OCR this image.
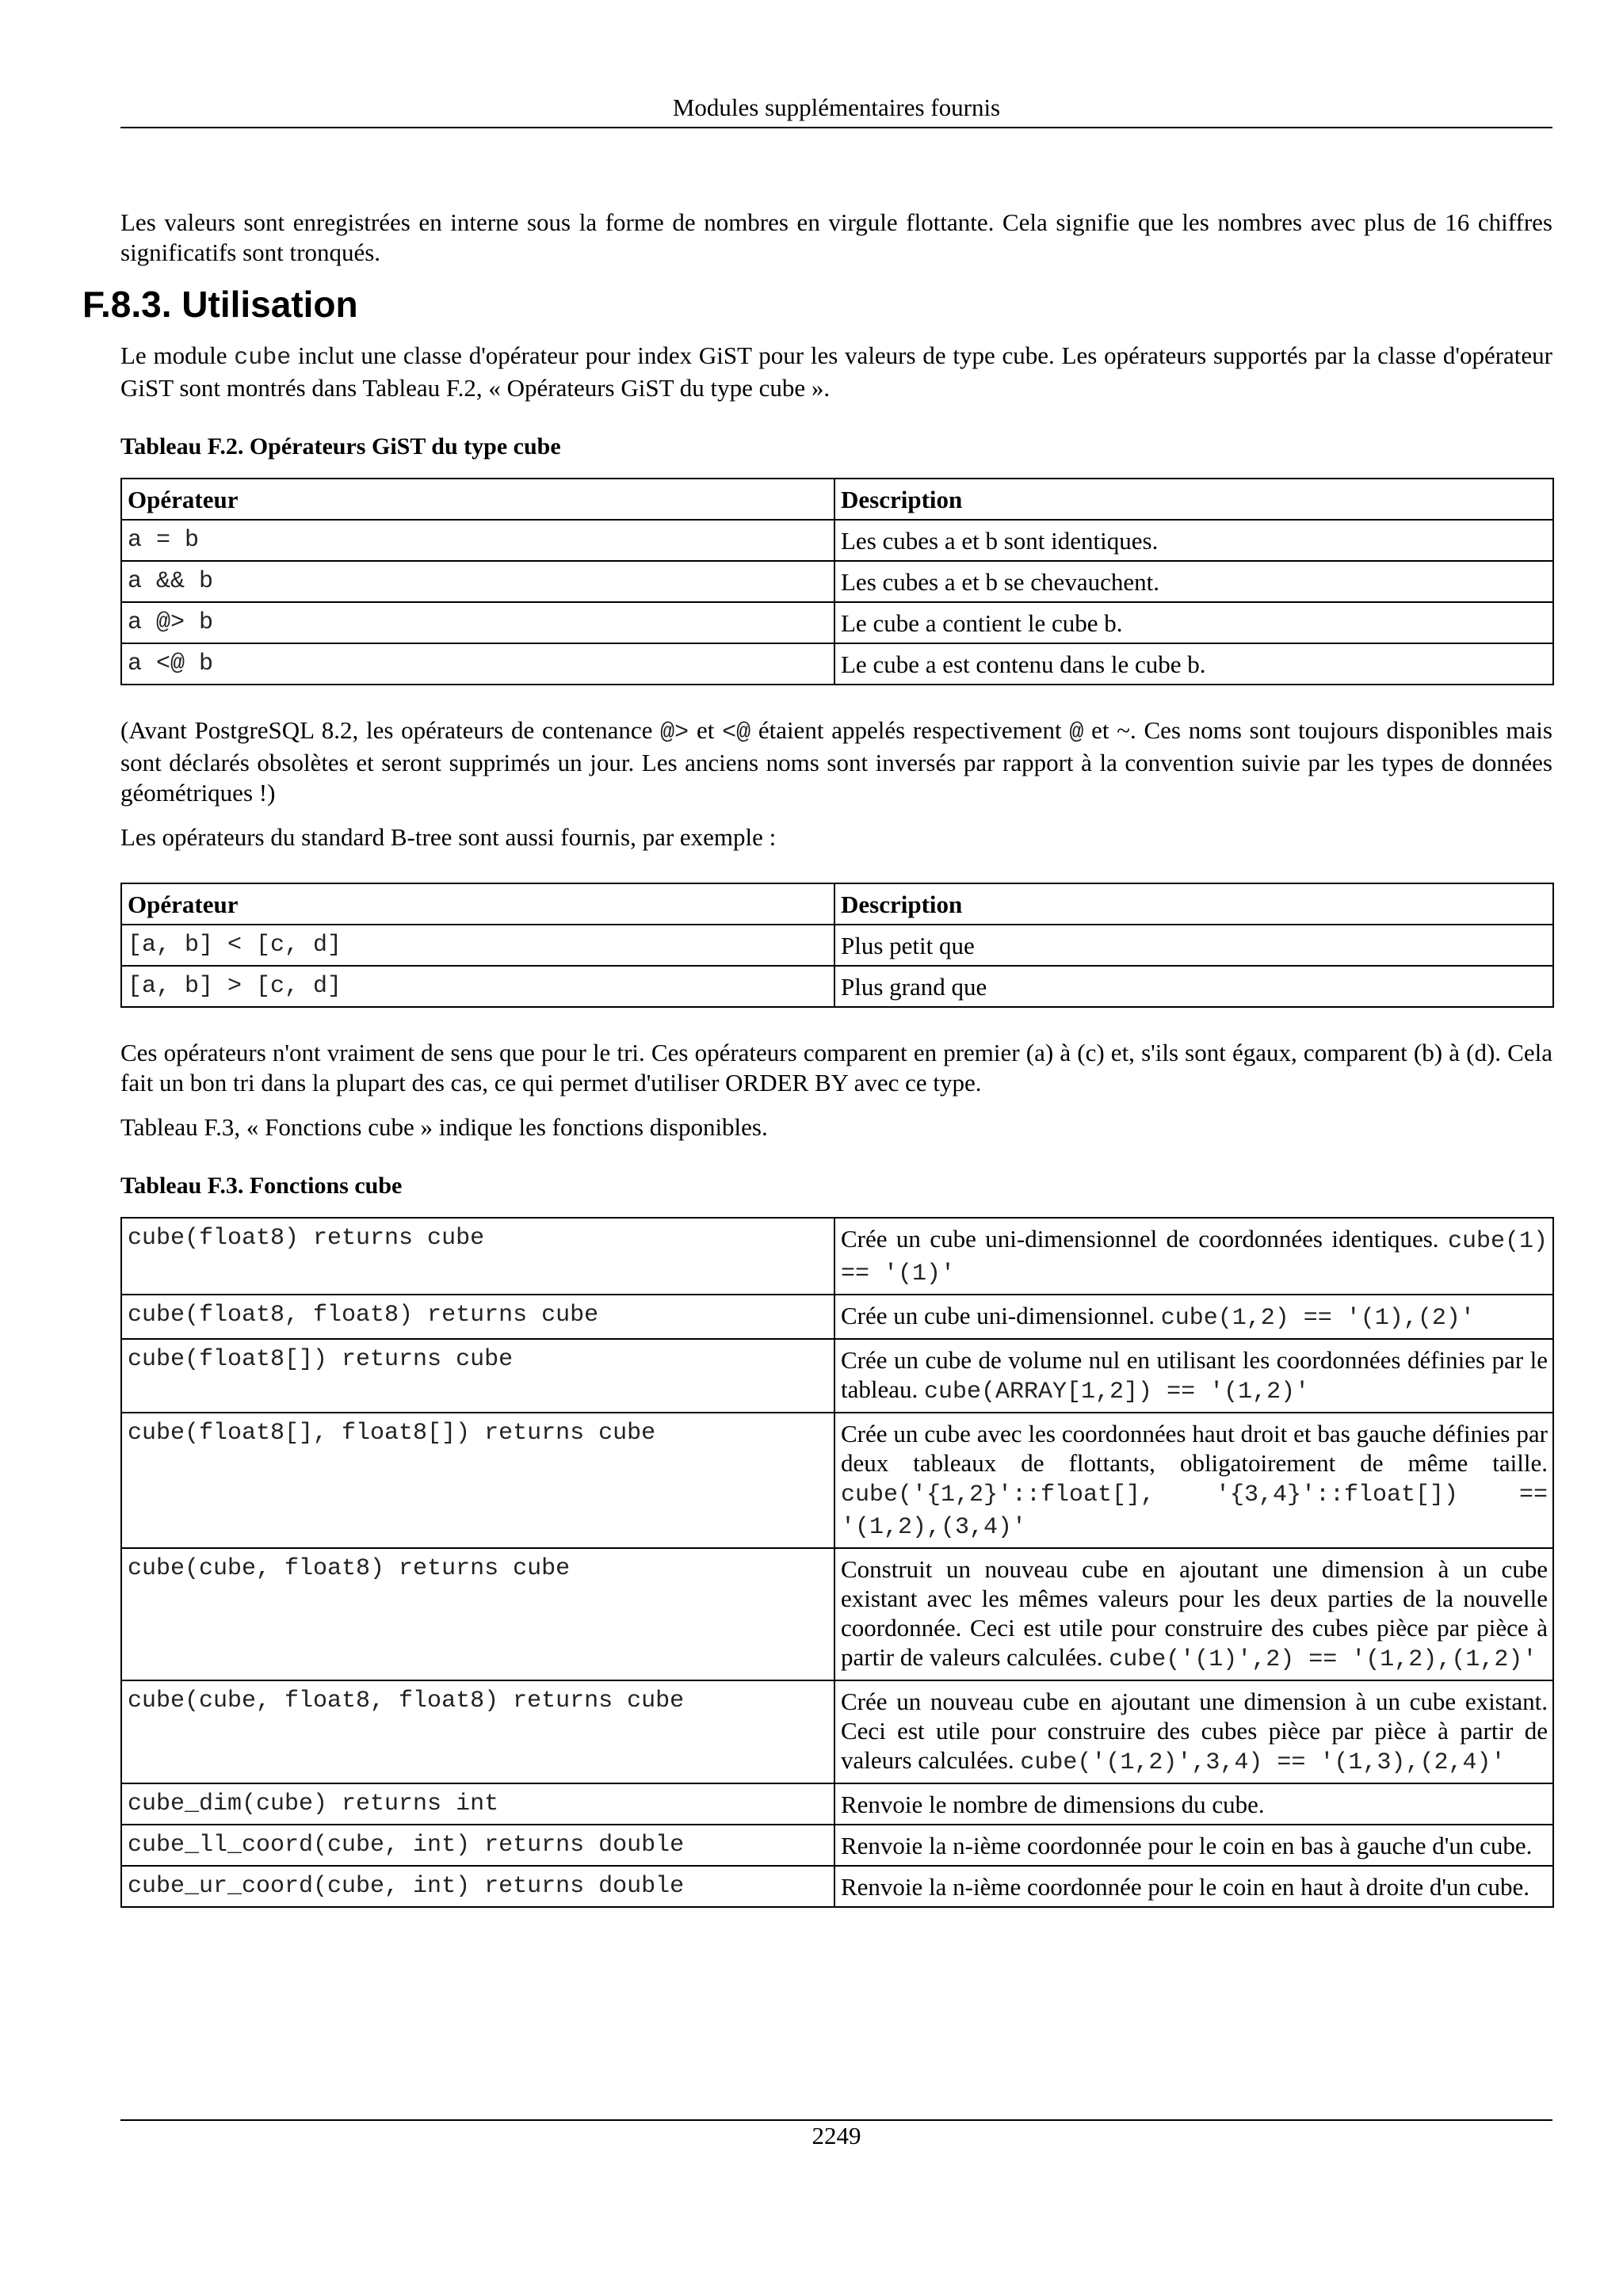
Modules supplémentaires fournis

Les valeurs sont enregistrées en interne sous la forme de nombres en virgule flottante. Cela signifie que les nombres avec plus de 16 chiffres significatifs sont tronqués.

F.8.3. Utilisation

Le module cube inclut une classe d'opérateur pour index GiST pour les valeurs de type cube. Les opérateurs supportés par la classe d'opérateur GiST sont montrés dans Tableau F.2, « Opérateurs GiST du type cube ».

Tableau F.2. Opérateurs GiST du type cube
Opérateur	Description
a = b	Les cubes a et b sont identiques.
a && b	Les cubes a et b se chevauchent.
a @> b	Le cube a contient le cube b.
a <@ b	Le cube a est contenu dans le cube b.

(Avant PostgreSQL 8.2, les opérateurs de contenance @> et <@ étaient appelés respectivement @ et ~. Ces noms sont toujours disponibles mais sont déclarés obsolètes et seront supprimés un jour. Les anciens noms sont inversés par rapport à la convention suivie par les types de données géométriques !)

Les opérateurs du standard B-tree sont aussi fournis, par exemple :

Opérateur	Description
[a, b] < [c, d]	Plus petit que
[a, b] > [c, d]	Plus grand que

Ces opérateurs n'ont vraiment de sens que pour le tri. Ces opérateurs comparent en premier (a) à (c) et, s'ils sont égaux, comparent (b) à (d). Cela fait un bon tri dans la plupart des cas, ce qui permet d'utiliser ORDER BY avec ce type.

Tableau F.3, « Fonctions cube » indique les fonctions disponibles.

Tableau F.3. Fonctions cube
cube(float8) returns cube	Crée un cube uni-dimensionnel de coordonnées identiques. cube(1) == '(1)'
cube(float8, float8) returns cube	Crée un cube uni-dimensionnel. cube(1,2) == '(1),(2)'
cube(float8[]) returns cube	Crée un cube de volume nul en utilisant les coordonnées définies par le tableau. cube(ARRAY[1,2]) == '(1,2)'
cube(float8[], float8[]) returns cube	Crée un cube avec les coordonnées haut droit et bas gauche définies par deux tableaux de flottants, obligatoirement de même taille. cube('{1,2}'::float[], '{3,4}'::float[]) == '(1,2),(3,4)'
cube(cube, float8) returns cube	Construit un nouveau cube en ajoutant une dimension à un cube existant avec les mêmes valeurs pour les deux parties de la nouvelle coordonnée. Ceci est utile pour construire des cubes pièce par pièce à partir de valeurs calculées. cube('(1)',2) == '(1,2),(1,2)'
cube(cube, float8, float8) returns cube	Crée un nouveau cube en ajoutant une dimension à un cube existant. Ceci est utile pour construire des cubes pièce par pièce à partir de valeurs calculées. cube('(1,2)',3,4) == '(1,3),(2,4)'
cube_dim(cube) returns int	Renvoie le nombre de dimensions du cube.
cube_ll_coord(cube, int) returns double	Renvoie la n-ième coordonnée pour le coin en bas à gauche d'un cube.
cube_ur_coord(cube, int) returns double	Renvoie la n-ième coordonnée pour le coin en haut à droite d'un cube.
2249
